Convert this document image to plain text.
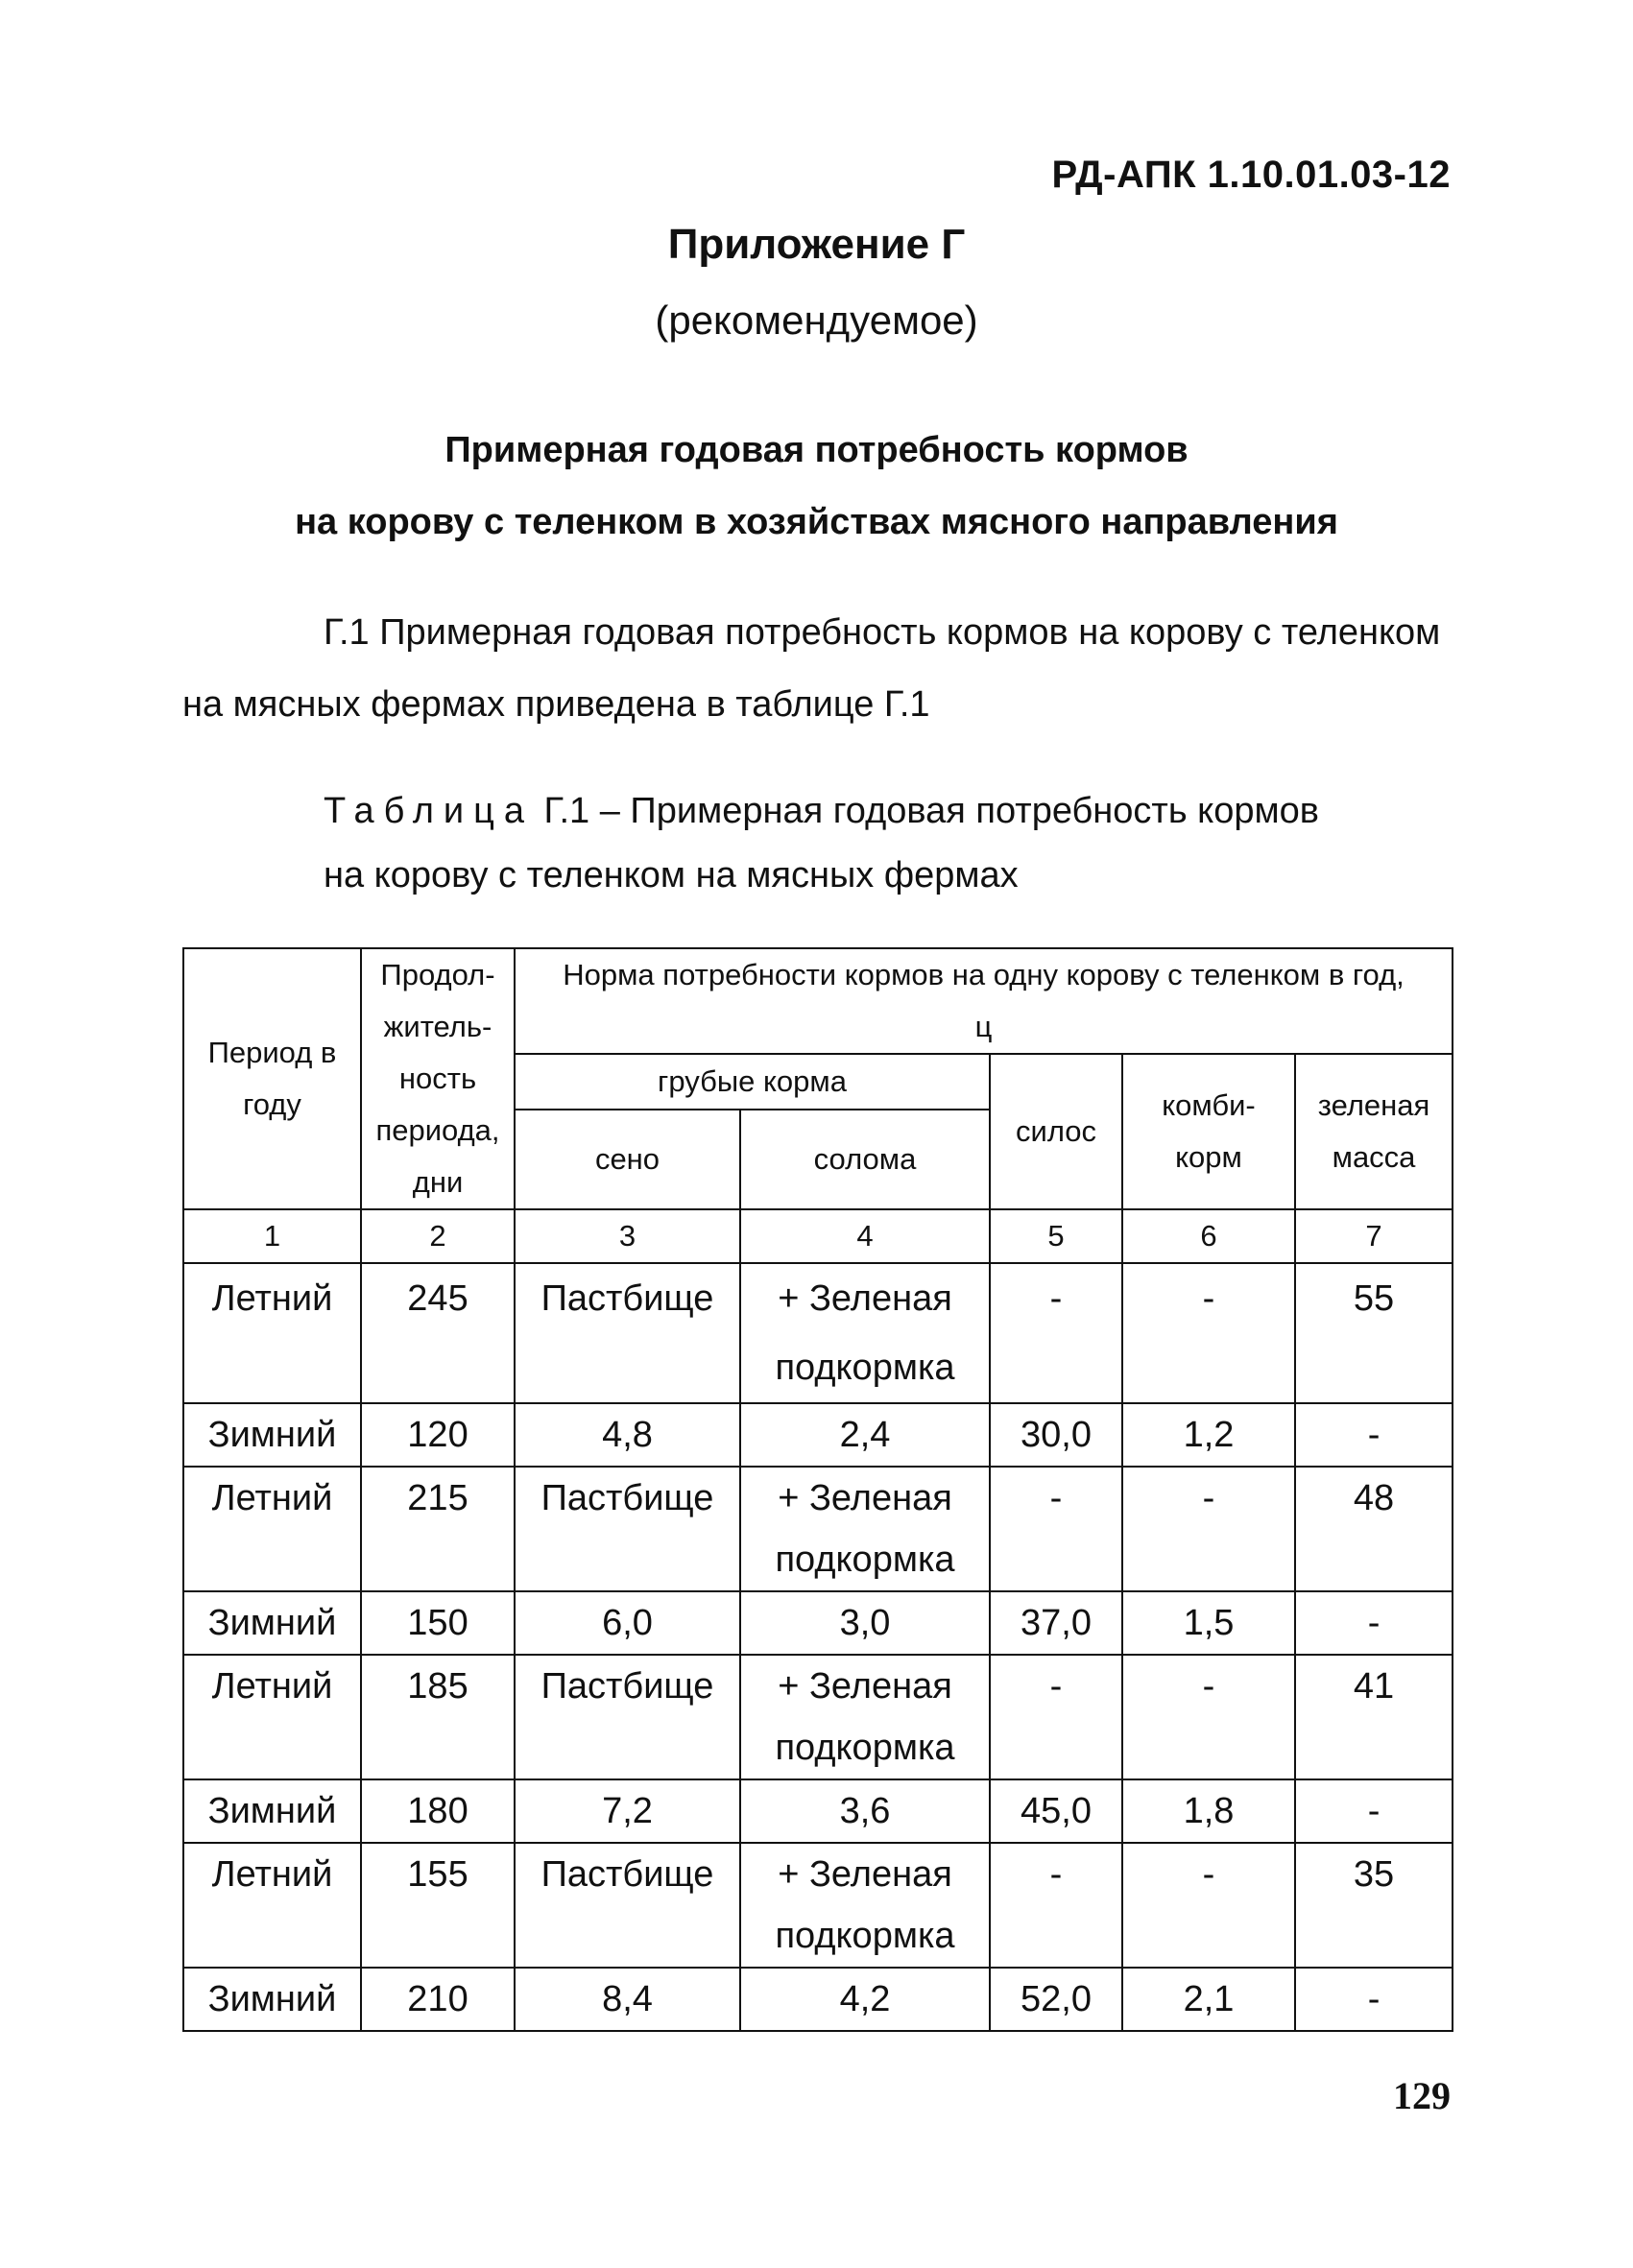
РД-АПК 1.10.01.03-12
Приложение Г
(рекомендуемое)
Примерная годовая потребность кормов
на корову с теленком в хозяйствах мясного направления
Г.1 Примерная годовая потребность кормов на корову с теленком на мясных фермах приведена в таблице Г.1
Таблица Г.1 – Примерная годовая потребность кормов
на корову с теленком на мясных фермах
Период в году	Продол-житель-ность периода, дни	Норма потребности кормов на одну корову с теленком в год, ц				
		грубые корма		силос	комби-корм	зеленая масса
		сено	солома			
1	2	3	4	5	6	7
Летний	245	Пастбище	+ Зеленая подкормка	-	-	55
Зимний	120	4,8	2,4	30,0	1,2	-
Летний	215	Пастбище	+ Зеленая подкормка	-	-	48
Зимний	150	6,0	3,0	37,0	1,5	-
Летний	185	Пастбище	+ Зеленая подкормка	-	-	41
Зимний	180	7,2	3,6	45,0	1,8	-
Летний	155	Пастбище	+ Зеленая подкормка	-	-	35
Зимний	210	8,4	4,2	52,0	2,1	-
129
